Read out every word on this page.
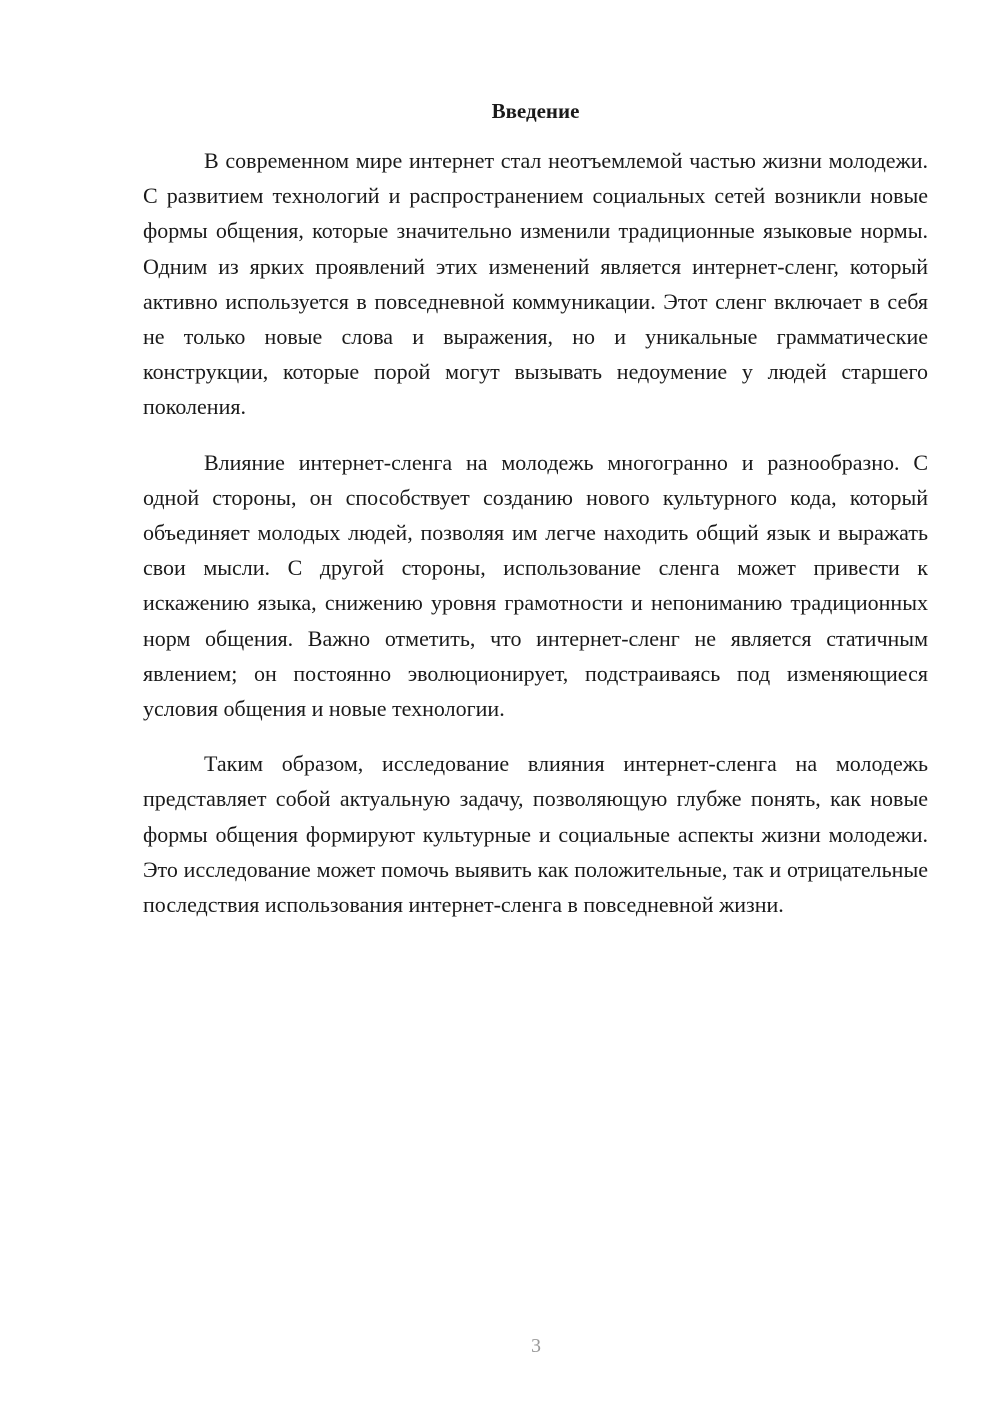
Введение

В современном мире интернет стал неотъемлемой частью жизни молодежи. С развитием технологий и распространением социальных сетей возникли новые формы общения, которые значительно изменили традиционные языковые нормы. Одним из ярких проявлений этих изменений является интернет-сленг, который активно используется в повседневной коммуникации. Этот сленг включает в себя не только новые слова и выражения, но и уникальные грамматические конструкции, которые порой могут вызывать недоумение у людей старшего поколения.

Влияние интернет-сленга на молодежь многогранно и разнообразно. С одной стороны, он способствует созданию нового культурного кода, который объединяет молодых людей, позволяя им легче находить общий язык и выражать свои мысли. С другой стороны, использование сленга может привести к искажению языка, снижению уровня грамотности и непониманию традиционных норм общения. Важно отметить, что интернет-сленг не является статичным явлением; он постоянно эволюционирует, подстраиваясь под изменяющиеся условия общения и новые технологии.

Таким образом, исследование влияния интернет-сленга на молодежь представляет собой актуальную задачу, позволяющую глубже понять, как новые формы общения формируют культурные и социальные аспекты жизни молодежи. Это исследование может помочь выявить как положительные, так и отрицательные последствия использования интернет-сленга в повседневной жизни.

3
